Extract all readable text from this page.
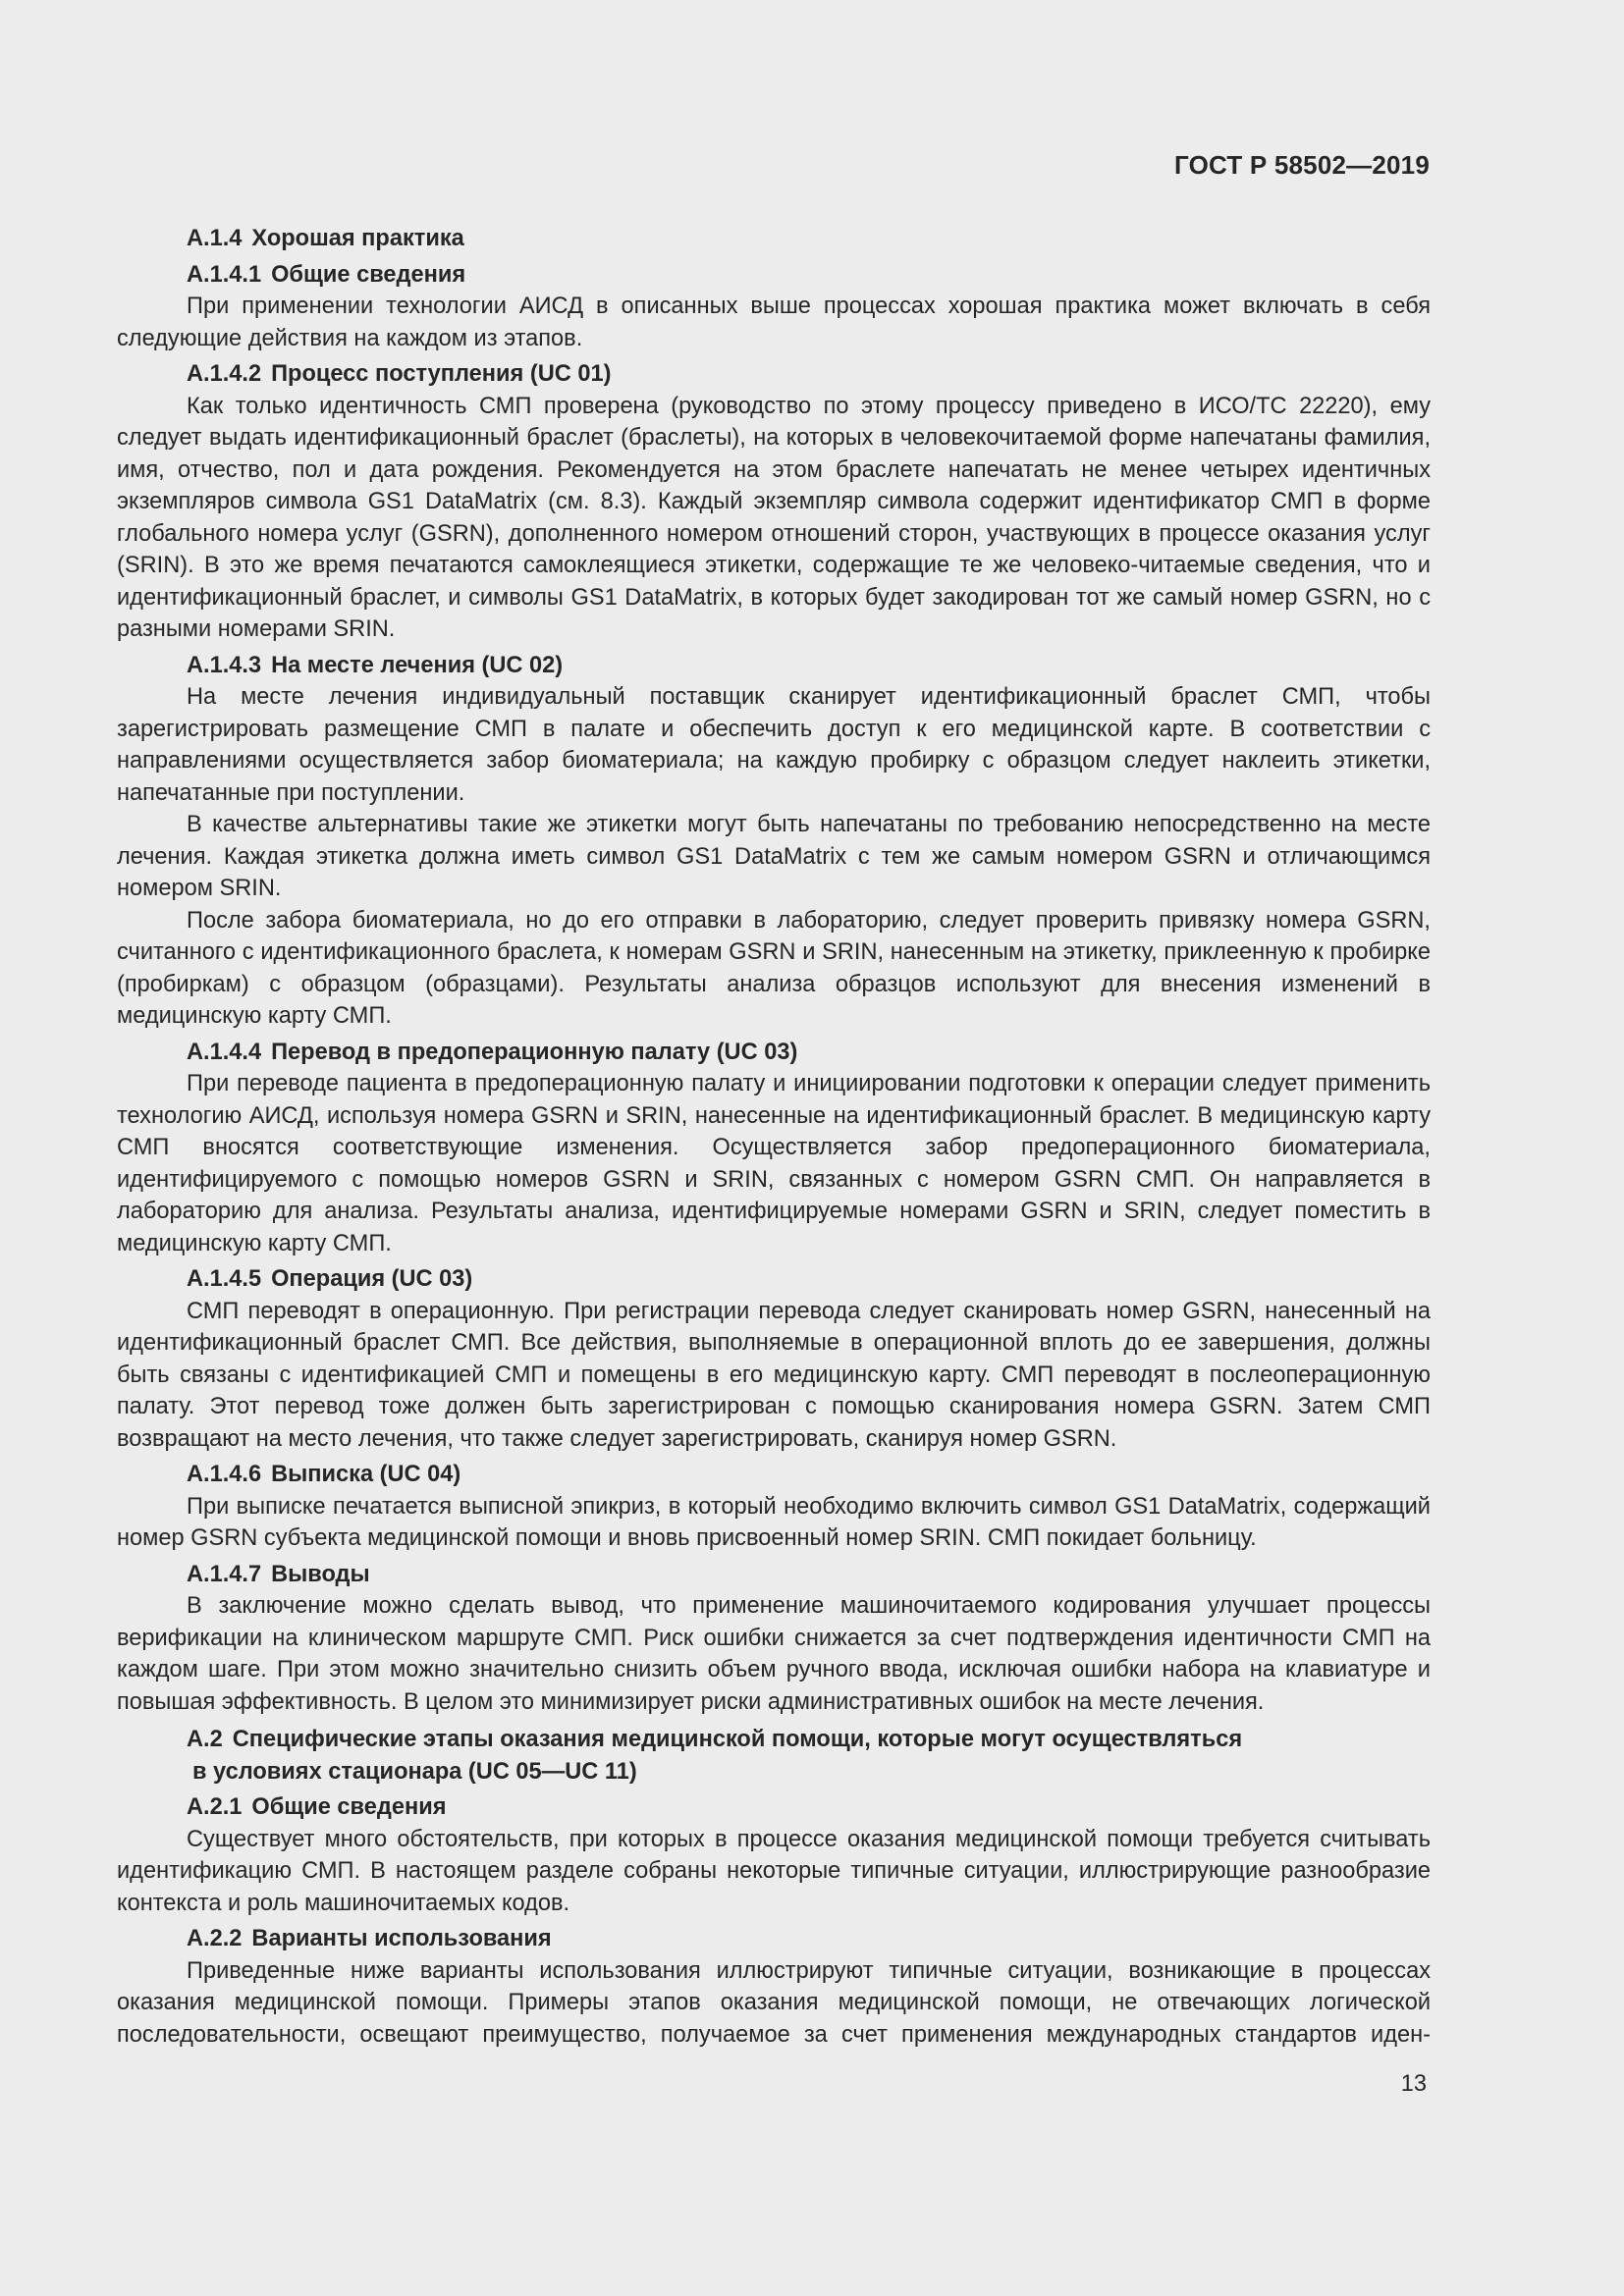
ГОСТ Р 58502—2019
А.1.4 Хорошая практика
А.1.4.1 Общие сведения

При применении технологии АИСД в описанных выше процессах хорошая практика может включать в себя следующие действия на каждом из этапов.

А.1.4.2 Процесс поступления (UC 01)

Как только идентичность СМП проверена (руководство по этому процессу приведено в ИСО/ТС 22220), ему следует выдать идентификационный браслет (браслеты), на которых в человекочитаемой форме напечатаны фамилия, имя, отчество, пол и дата рождения. Рекомендуется на этом браслете напечатать не менее четырех идентичных экземпляров символа GS1 DataMatrix (см. 8.3). Каждый экземпляр символа содержит идентификатор СМП в форме глобального номера услуг (GSRN), дополненного номером отношений сторон, участвующих в процессе оказания услуг (SRIN). В это же время печатаются самоклеящиеся этикетки, содержащие те же человеко-читаемые сведения, что и идентификационный браслет, и символы GS1 DataMatrix, в которых будет закодирован тот же самый номер GSRN, но с разными номерами SRIN.

А.1.4.3 На месте лечения (UC 02)

На месте лечения индивидуальный поставщик сканирует идентификационный браслет СМП, чтобы зарегистрировать размещение СМП в палате и обеспечить доступ к его медицинской карте. В соответствии с направлениями осуществляется забор биоматериала; на каждую пробирку с образцом следует наклеить этикетки, напечатанные при поступлении.

В качестве альтернативы такие же этикетки могут быть напечатаны по требованию непосредственно на месте лечения. Каждая этикетка должна иметь символ GS1 DataMatrix с тем же самым номером GSRN и отличающимся номером SRIN.

После забора биоматериала, но до его отправки в лабораторию, следует проверить привязку номера GSRN, считанного с идентификационного браслета, к номерам GSRN и SRIN, нанесенным на этикетку, приклеенную к пробирке (пробиркам) с образцом (образцами). Результаты анализа образцов используют для внесения изменений в медицинскую карту СМП.

А.1.4.4 Перевод в предоперационную палату (UC 03)

При переводе пациента в предоперационную палату и инициировании подготовки к операции следует применить технологию АИСД, используя номера GSRN и SRIN, нанесенные на идентификационный браслет. В медицинскую карту СМП вносятся соответствующие изменения. Осуществляется забор предоперационного биоматериала, идентифицируемого с помощью номеров GSRN и SRIN, связанных с номером GSRN СМП. Он направляется в лабораторию для анализа. Результаты анализа, идентифицируемые номерами GSRN и SRIN, следует поместить в медицинскую карту СМП.

А.1.4.5 Операция (UC 03)

СМП переводят в операционную. При регистрации перевода следует сканировать номер GSRN, нанесенный на идентификационный браслет СМП. Все действия, выполняемые в операционной вплоть до ее завершения, должны быть связаны с идентификацией СМП и помещены в его медицинскую карту. СМП переводят в послеоперационную палату. Этот перевод тоже должен быть зарегистрирован с помощью сканирования номера GSRN. Затем СМП возвращают на место лечения, что также следует зарегистрировать, сканируя номер GSRN.

А.1.4.6 Выписка (UC 04)

При выписке печатается выписной эпикриз, в который необходимо включить символ GS1 DataMatrix, содержащий номер GSRN субъекта медицинской помощи и вновь присвоенный номер SRIN. СМП покидает больницу.

А.1.4.7 Выводы

В заключение можно сделать вывод, что применение машиночитаемого кодирования улучшает процессы верификации на клиническом маршруте СМП. Риск ошибки снижается за счет подтверждения идентичности СМП на каждом шаге. При этом можно значительно снизить объем ручного ввода, исключая ошибки набора на клавиатуре и повышая эффективность. В целом это минимизирует риски административных ошибок на месте лечения.

А.2 Специфические этапы оказания медицинской помощи, которые могут осуществляться
в условиях стационара (UC 05—UC 11)
А.2.1 Общие сведения

Существует много обстоятельств, при которых в процессе оказания медицинской помощи требуется считывать идентификацию СМП. В настоящем разделе собраны некоторые типичные ситуации, иллюстрирующие разнообразие контекста и роль машиночитаемых кодов.

А.2.2 Варианты использования

Приведенные ниже варианты использования иллюстрируют типичные ситуации, возникающие в процессах оказания медицинской помощи. Примеры этапов оказания медицинской помощи, не отвечающих логической последовательности, освещают преимущество, получаемое за счет применения международных стандартов иден-

13
